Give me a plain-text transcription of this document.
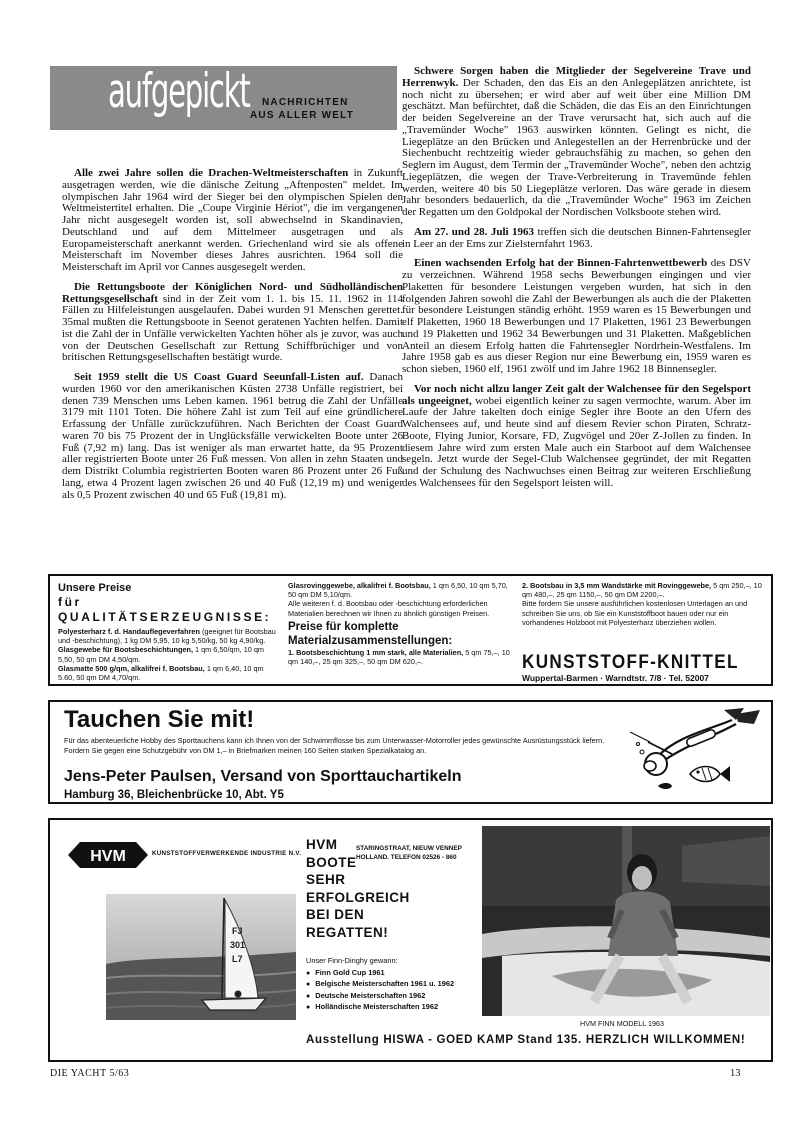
aufgepickt	NACHRICHTEN
AUS ALLER WELT

Alle zwei Jahre sollen die Drachen-Weltmeisterschaften in Zukunft ausgetragen werden, wie die dänische Zeitung „Aftenposten" meldet. Im olympischen Jahr 1964 wird der Sieger bei den olympischen Spielen den Weltmeistertitel erhalten. Die „Coupe Virginie Hériot", die im vergangenen Jahr nicht ausgesegelt worden ist, soll abwechselnd in Skandinavien, Deutschland und auf dem Mittelmeer ausgetragen und als Europameisterschaft anerkannt werden. Griechenland wird sie als offene Meisterschaft im November dieses Jahres ausrichten. 1964 soll die Meisterschaft im April vor Cannes ausgesegelt werden.

Die Rettungsboote der Königlichen Nord- und Südholländischen Rettungsgesellschaft sind in der Zeit vom 1. 1. bis 15. 11. 1962 in 114 Fällen zu Hilfeleistungen ausgelaufen. Dabei wurden 91 Menschen gerettet. 35mal mußten die Rettungsboote in Seenot geratenen Yachten helfen. Damit ist die Zahl der in Unfälle verwickelten Yachten höher als je zuvor, was auch von der Deutschen Gesellschaft zur Rettung Schiffbrüchiger und von britischen Rettungsgesellschaften bestätigt wurde.

Seit 1959 stellt die US Coast Guard Seeunfall-Listen auf. Danach wurden 1960 vor den amerikanischen Küsten 2738 Unfälle registriert, bei denen 739 Menschen ums Leben kamen. 1961 betrug die Zahl der Unfälle 3179 mit 1101 Toten. Die höhere Zahl ist zum Teil auf eine gründlichere Erfassung der Unfälle zurückzuführen. Nach Berichten der Coast Guard waren 70 bis 75 Prozent der in Unglücksfälle verwickelten Boote unter 26 Fuß (7,92 m) lang. Das ist weniger als man erwartet hatte, da 95 Prozent aller registrierten Boote unter 26 Fuß messen. Von allen in zehn Staaten und dem Distrikt Columbia registrierten Booten waren 86 Prozent unter 26 Fuß lang, etwa 4 Prozent lagen zwischen 26 und 40 Fuß (12,19 m) und weniger als 0,5 Prozent zwischen 40 und 65 Fuß (19,81 m).

Schwere Sorgen haben die Mitglieder der Segelvereine Trave und Herrenwyk. Der Schaden, den das Eis an den Anlegeplätzen anrichtete, ist noch nicht zu übersehen; er wird aber auf weit über eine Million DM geschätzt. Man befürchtet, daß die Schäden, die das Eis an den Einrichtungen der beiden Segelvereine an der Trave verursacht hat, sich auch auf die „Travemünder Woche" 1963 auswirken könnten. Gelingt es nicht, die Liegeplätze an den Brücken und Anlegestellen an der Herrenbrücke und der Siechenbucht rechtzeitig wieder gebrauchsfähig zu machen, so gehen den Seglern im August, dem Termin der „Travemünder Woche", neben den achtzig Liegeplätzen, die wegen der Trave-Verbreiterung in Travemünde fehlen werden, weitere 40 bis 50 Liegeplätze verloren. Das wäre gerade in diesem Jahr besonders bedauerlich, da die „Travemünder Woche" 1963 im Zeichen der Regatten um den Goldpokal der Nordischen Volksboote stehen wird.

Am 27. und 28. Juli 1963 treffen sich die deutschen Binnen-Fahrtensegler in Leer an der Ems zur Zielsternfahrt 1963.

Einen wachsenden Erfolg hat der Binnen-Fahrtenwettbewerb des DSV zu verzeichnen. Während 1958 sechs Bewerbungen eingingen und vier Plaketten für besondere Leistungen vergeben wurden, hat sich in den folgenden Jahren sowohl die Zahl der Bewerbungen als auch die der Plaketten für besondere Leistungen ständig erhöht. 1959 waren es 15 Bewerbungen und elf Plaketten, 1960 18 Bewerbungen und 17 Plaketten, 1961 23 Bewerbungen und 19 Plaketten und 1962 34 Bewerbungen und 31 Plaketten. Maßgeblichen Anteil an diesem Erfolg hatten die Fahrtensegler Nordrhein-Westfalens. Im Jahre 1958 gab es aus dieser Region nur eine Bewerbung ein, 1959 waren es schon sieben, 1960 elf, 1961 zwölf und im Jahre 1962 18 Binnensegler.

Vor noch nicht allzu langer Zeit galt der Walchensee für den Segelsport als ungeeignet, wobei eigentlich keiner zu sagen vermochte, warum. Aber im Laufe der Jahre takelten doch einige Segler ihre Boote an den Ufern des Walchensees auf, und heute sind auf diesem Revier schon Piraten, Schratz-Boote, Flying Junior, Korsare, FD, Zugvögel und 20er Z-Jollen zu finden. In diesem Jahre wird zum ersten Male auch ein Starboot auf dem Walchensee segeln. Jetzt wurde der Segel-Club Walchensee gegründet, der mit Regatten und der Schulung des Nachwuchses einen Beitrag zur weiteren Erschließung des Walchensees für den Segelsport leisten will.

Unsere Preise
für QUALITÄTSERZEUGNISSE:
Polyesterharz f. d. Handauflegeverfahren (geeignet für Bootsbau und -beschichtung), 1 kg DM 5,95, 10 kg 5,50/kg, 50 kg 4,90/kg.
Glasgewebe für Bootsbeschichtungen, 1 qm 6,50/qm, 10 qm 5,50, 50 qm DM 4,50/qm.
Glasmatte 500 g/qm, alkalifrei f. Bootsbau, 1 qm 6,40, 10 qm 5.60, 50 qm DM 4,70/qm.
Glasrovinggewebe, alkalifrei f. Bootsbau, 1 qm 6,50, 10 qm 5,70, 50 qm DM 5,10/qm.
Alle weiteren f. d. Bootsbau oder -beschichtung erforderlichen Materialien berechnen wir Ihnen zu ähnlich günstigen Preisen.
Preise für komplette Materialzusammenstellungen:
1. Bootsbeschichtung 1 mm stark, alle Materialien, 5 qm 75,–, 10 qm 140,–, 25 qm 325,–, 50 qm DM 620,–.
2. Bootsbau in 3,5 mm Wandstärke mit Rovinggewebe, 5 qm 250,–, 10 qm 480,–, 25 qm 1150,–, 50 qm DM 2200,–.
Bitte fordern Sie unsere ausführlichen kostenlosen Unterlagen an und schreiben Sie uns, ob Sie ein Kunststoffboot bauen oder nur ein vorhandenes Holzboot mit Polyesterharz überziehen wollen.
KUNSTSTOFF-KNITTEL
Wuppertal-Barmen · Warndtstr. 7/8 · Tel. 52007
Tauchen Sie mit!
Für das abenteuerliche Hobby des Sporttauchens kann ich Ihnen von der Schwimmflosse bis zum Unterwasser-Motorroller jedes gewünschte Ausrüstungsstück liefern. Fordern Sie gegen eine Schutzgebühr von DM 1,– in Briefmarken meinen 160 Seiten starken Spezialkatalog an.
Jens-Peter Paulsen, Versand von Sporttauchartikeln
Hamburg 36, Bleichenbrücke 10, Abt. Y5
HVM	KUNSTSTOFFVERWERKENDE INDUSTRIE N.V.
HVM
BOOTE
SEHR
ERFOLGREICH
BEI DEN
REGATTEN!
STARINGSTRAAT, NIEUW VENNEP
HOLLAND. TELEFON 02526 - 860
FJ
301
L7	Unser Finn-Dinghy gewann:
● Finn Gold Cup 1961
● Belgische Meisterschaften 1961 u. 1962
● Deutsche Meisterschaften 1962
● Holländische Meisterschaften 1962
HVM FINN MODELL 1963
Ausstellung HISWA - GOED KAMP Stand 135. HERZLICH WILLKOMMEN!
DIE YACHT 5/63	13
